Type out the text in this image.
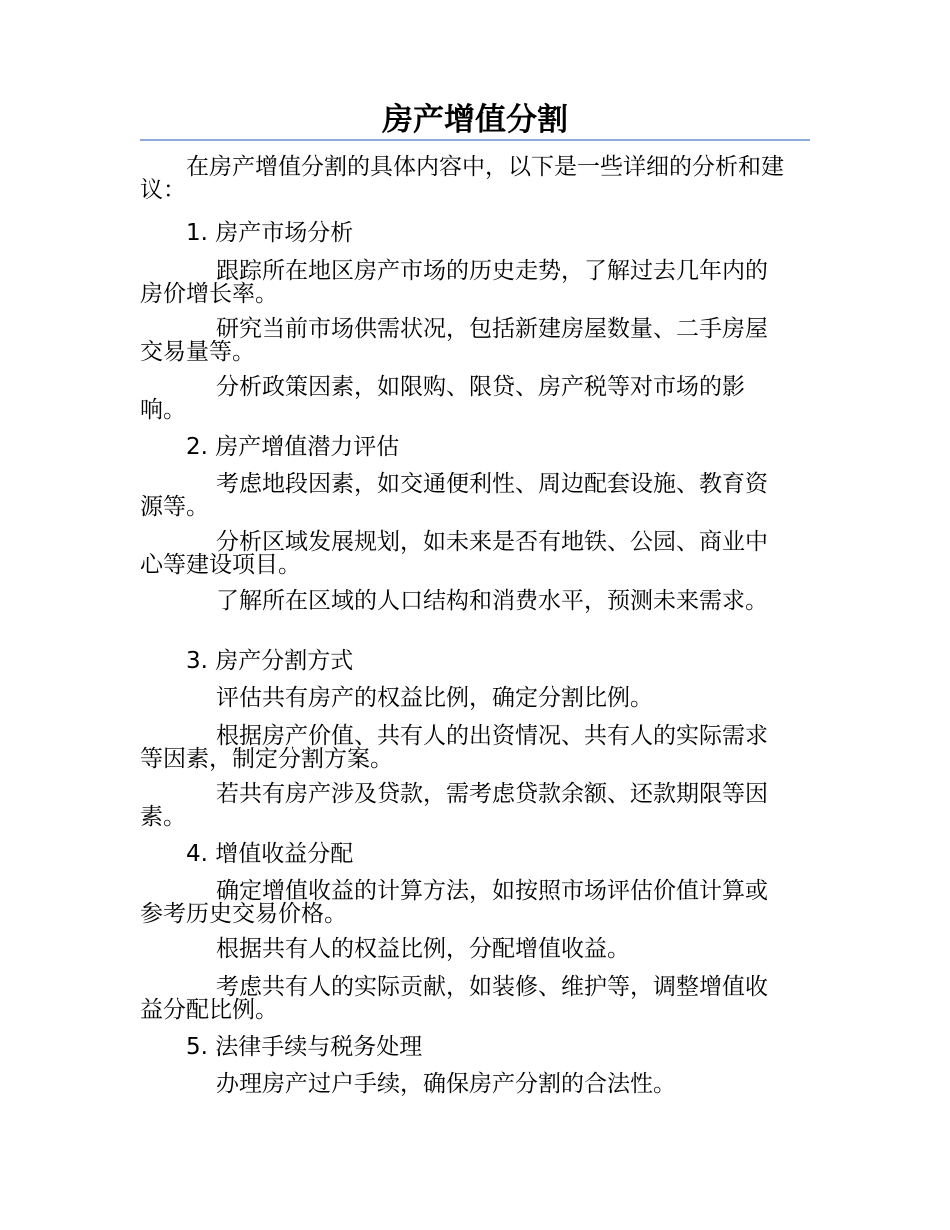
房产增值分割

在房产增值分割的具体内容中，以下是一些详细的分析和建议：

1. 房产市场分析

跟踪所在地区房产市场的历史走势，了解过去几年内的房价增长率。

研究当前市场供需状况，包括新建房屋数量、二手房屋交易量等。

分析政策因素，如限购、限贷、房产税等对市场的影响。

2. 房产增值潜力评估

考虑地段因素，如交通便利性、周边配套设施、教育资源等。

分析区域发展规划，如未来是否有地铁、公园、商业中心等建设项目。

了解所在区域的人口结构和消费水平，预测未来需求。

3. 房产分割方式

评估共有房产的权益比例，确定分割比例。

根据房产价值、共有人的出资情况、共有人的实际需求等因素，制定分割方案。

若共有房产涉及贷款，需考虑贷款余额、还款期限等因素。

4. 增值收益分配

确定增值收益的计算方法，如按照市场评估价值计算或参考历史交易价格。

根据共有人的权益比例，分配增值收益。

考虑共有人的实际贡献，如装修、维护等，调整增值收益分配比例。

5. 法律手续与税务处理

办理房产过户手续，确保房产分割的合法性。
